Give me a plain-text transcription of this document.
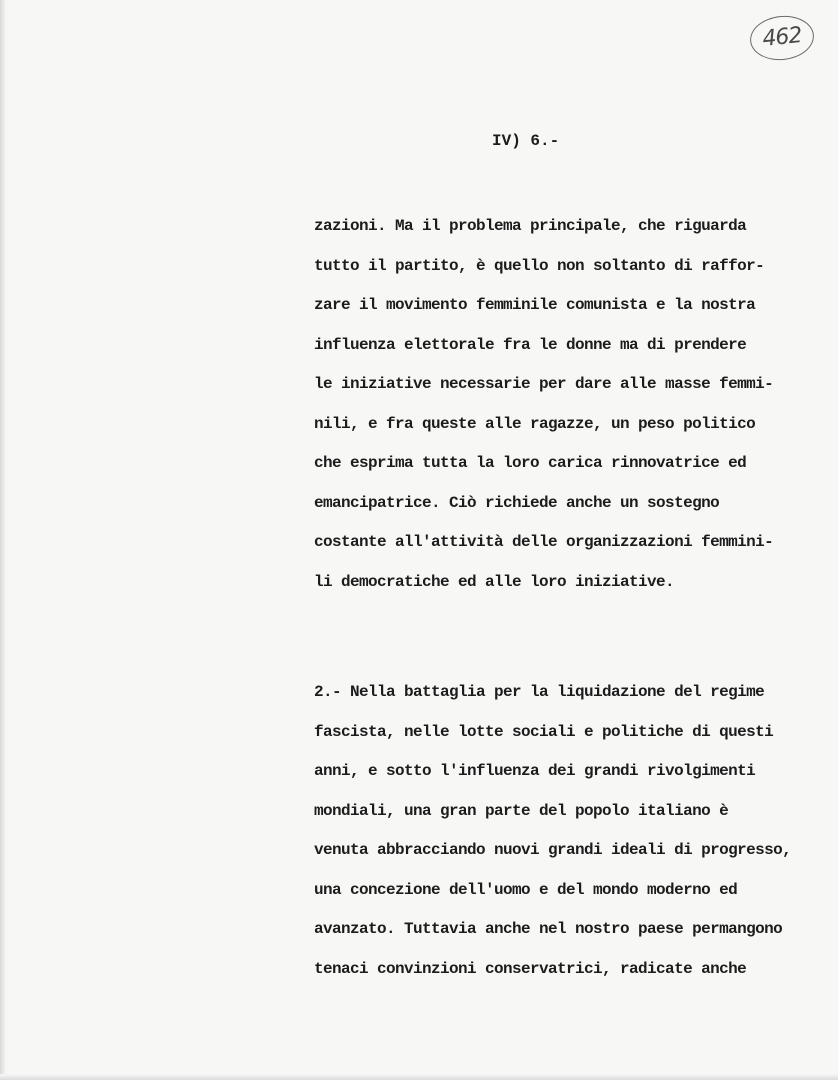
462
IV) 6.-
zazioni. Ma il problema principale, che riguarda
tutto il partito, è quello non soltanto di raffor-
zare il movimento femminile comunista e la nostra
influenza elettorale fra le donne ma di prendere
le iniziative necessarie per dare alle masse femmi-
nili, e fra queste alle ragazze, un peso politico
che esprima tutta la loro carica rinnovatrice ed
emancipatrice. Ciò richiede anche un sostegno
costante all'attività delle organizzazioni femmini-
li democratiche ed alle loro iniziative.
2.- Nella battaglia per la liquidazione del regime
fascista, nelle lotte sociali e politiche di questi
anni, e sotto l'influenza dei grandi rivolgimenti
mondiali, una gran parte del popolo italiano è
venuta abbracciando nuovi grandi ideali di progresso,
una concezione dell'uomo e del mondo moderno ed
avanzato. Tuttavia anche nel nostro paese permangono
tenaci convinzioni conservatrici, radicate anche
